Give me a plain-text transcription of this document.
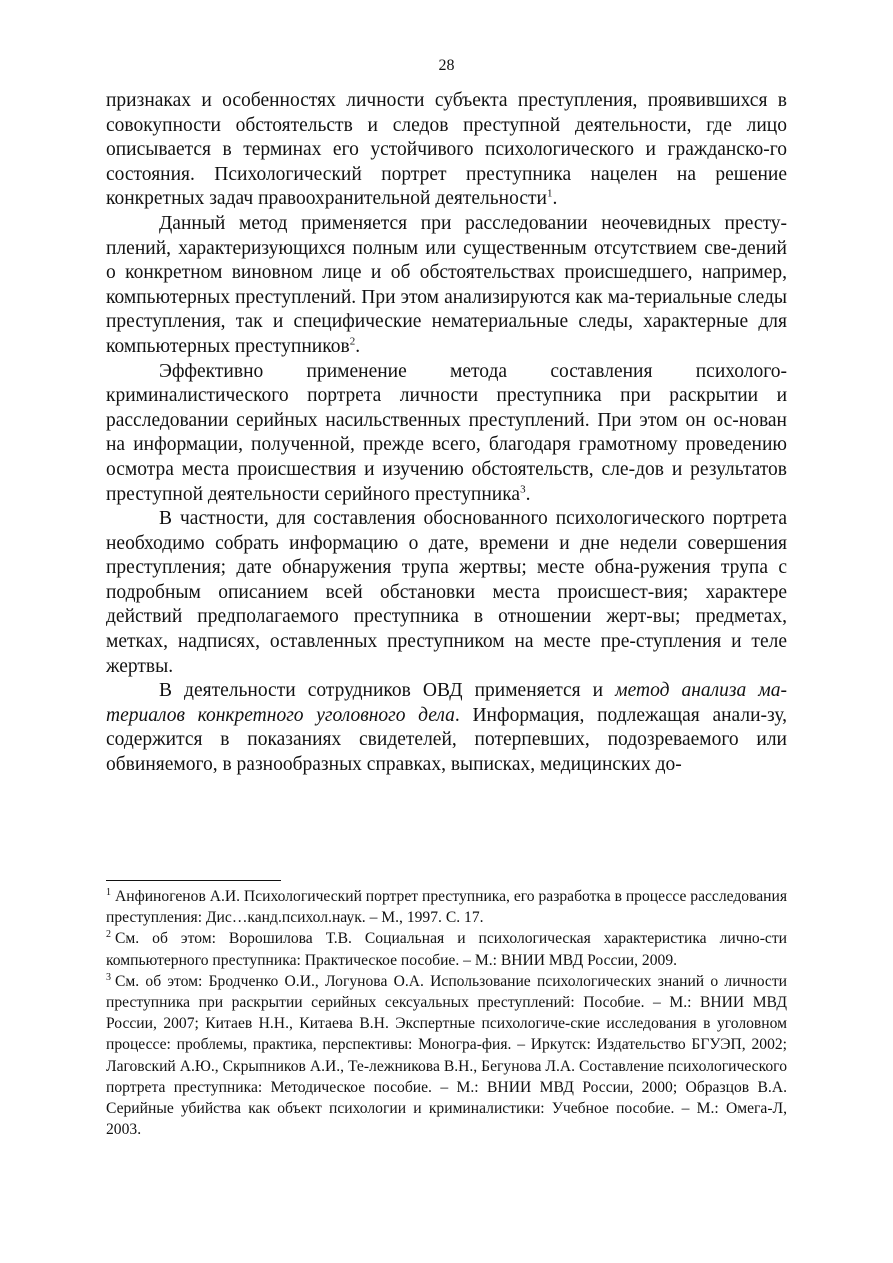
28

признаках и особенностях личности субъекта преступления, проявившихся в совокупности обстоятельств и следов преступной деятельности, где лицо описывается в терминах его устойчивого психологического и гражданско-го состояния. Психологический портрет преступника нацелен на решение конкретных задач правоохранительной деятельности$^1$.

Данный метод применяется при расследовании неочевидных престу-плений, характеризующихся полным или существенным отсутствием све-дений о конкретном виновном лице и об обстоятельствах происшедшего, например, компьютерных преступлений. При этом анализируются как ма-териальные следы преступления, так и специфические нематериальные следы, характерные для компьютерных преступников$^2$.

Эффективно применение метода составления психолого-криминалистического портрета личности преступника при раскрытии и расследовании серийных насильственных преступлений. При этом он ос-нован на информации, полученной, прежде всего, благодаря грамотному проведению осмотра места происшествия и изучению обстоятельств, сле-дов и результатов преступной деятельности серийного преступника$^3$.

В частности, для составления обоснованного психологического портрета необходимо собрать информацию о дате, времени и дне недели совершения преступления; дате обнаружения трупа жертвы; месте обна-ружения трупа с подробным описанием всей обстановки места происшест-вия; характере действий предполагаемого преступника в отношении жерт-вы; предметах, метках, надписях, оставленных преступником на месте пре-ступления и теле жертвы.

В деятельности сотрудников ОВД применяется и метод анализа ма-териалов конкретного уголовного дела. Информация, подлежащая анали-зу, содержится в показаниях свидетелей, потерпевших, подозреваемого или обвиняемого, в разнообразных справках, выписках, медицинских до-

$^1$ Анфиногенов А.И. Психологический портрет преступника, его разработка в процессе расследования преступления: Дис…канд.психол.наук. – М., 1997. С. 17.

$^2$ См. об этом: Ворошилова Т.В. Социальная и психологическая характеристика лично-сти компьютерного преступника: Практическое пособие. – М.: ВНИИ МВД России, 2009.

$^3$ См. об этом: Бродченко О.И., Логунова О.А. Использование психологических знаний о личности преступника при раскрытии серийных сексуальных преступлений: Пособие. – М.: ВНИИ МВД России, 2007; Китаев Н.Н., Китаева В.Н. Экспертные психологиче-ские исследования в уголовном процессе: проблемы, практика, перспективы: Моногра-фия. – Иркутск: Издательство БГУЭП, 2002; Лаговский А.Ю., Скрыпников А.И., Те-лежникова В.Н., Бегунова Л.А. Составление психологического портрета преступника: Методическое пособие. – М.: ВНИИ МВД России, 2000; Образцов В.А. Серийные убийства как объект психологии и криминалистики: Учебное пособие. – М.: Омега-Л, 2003.
